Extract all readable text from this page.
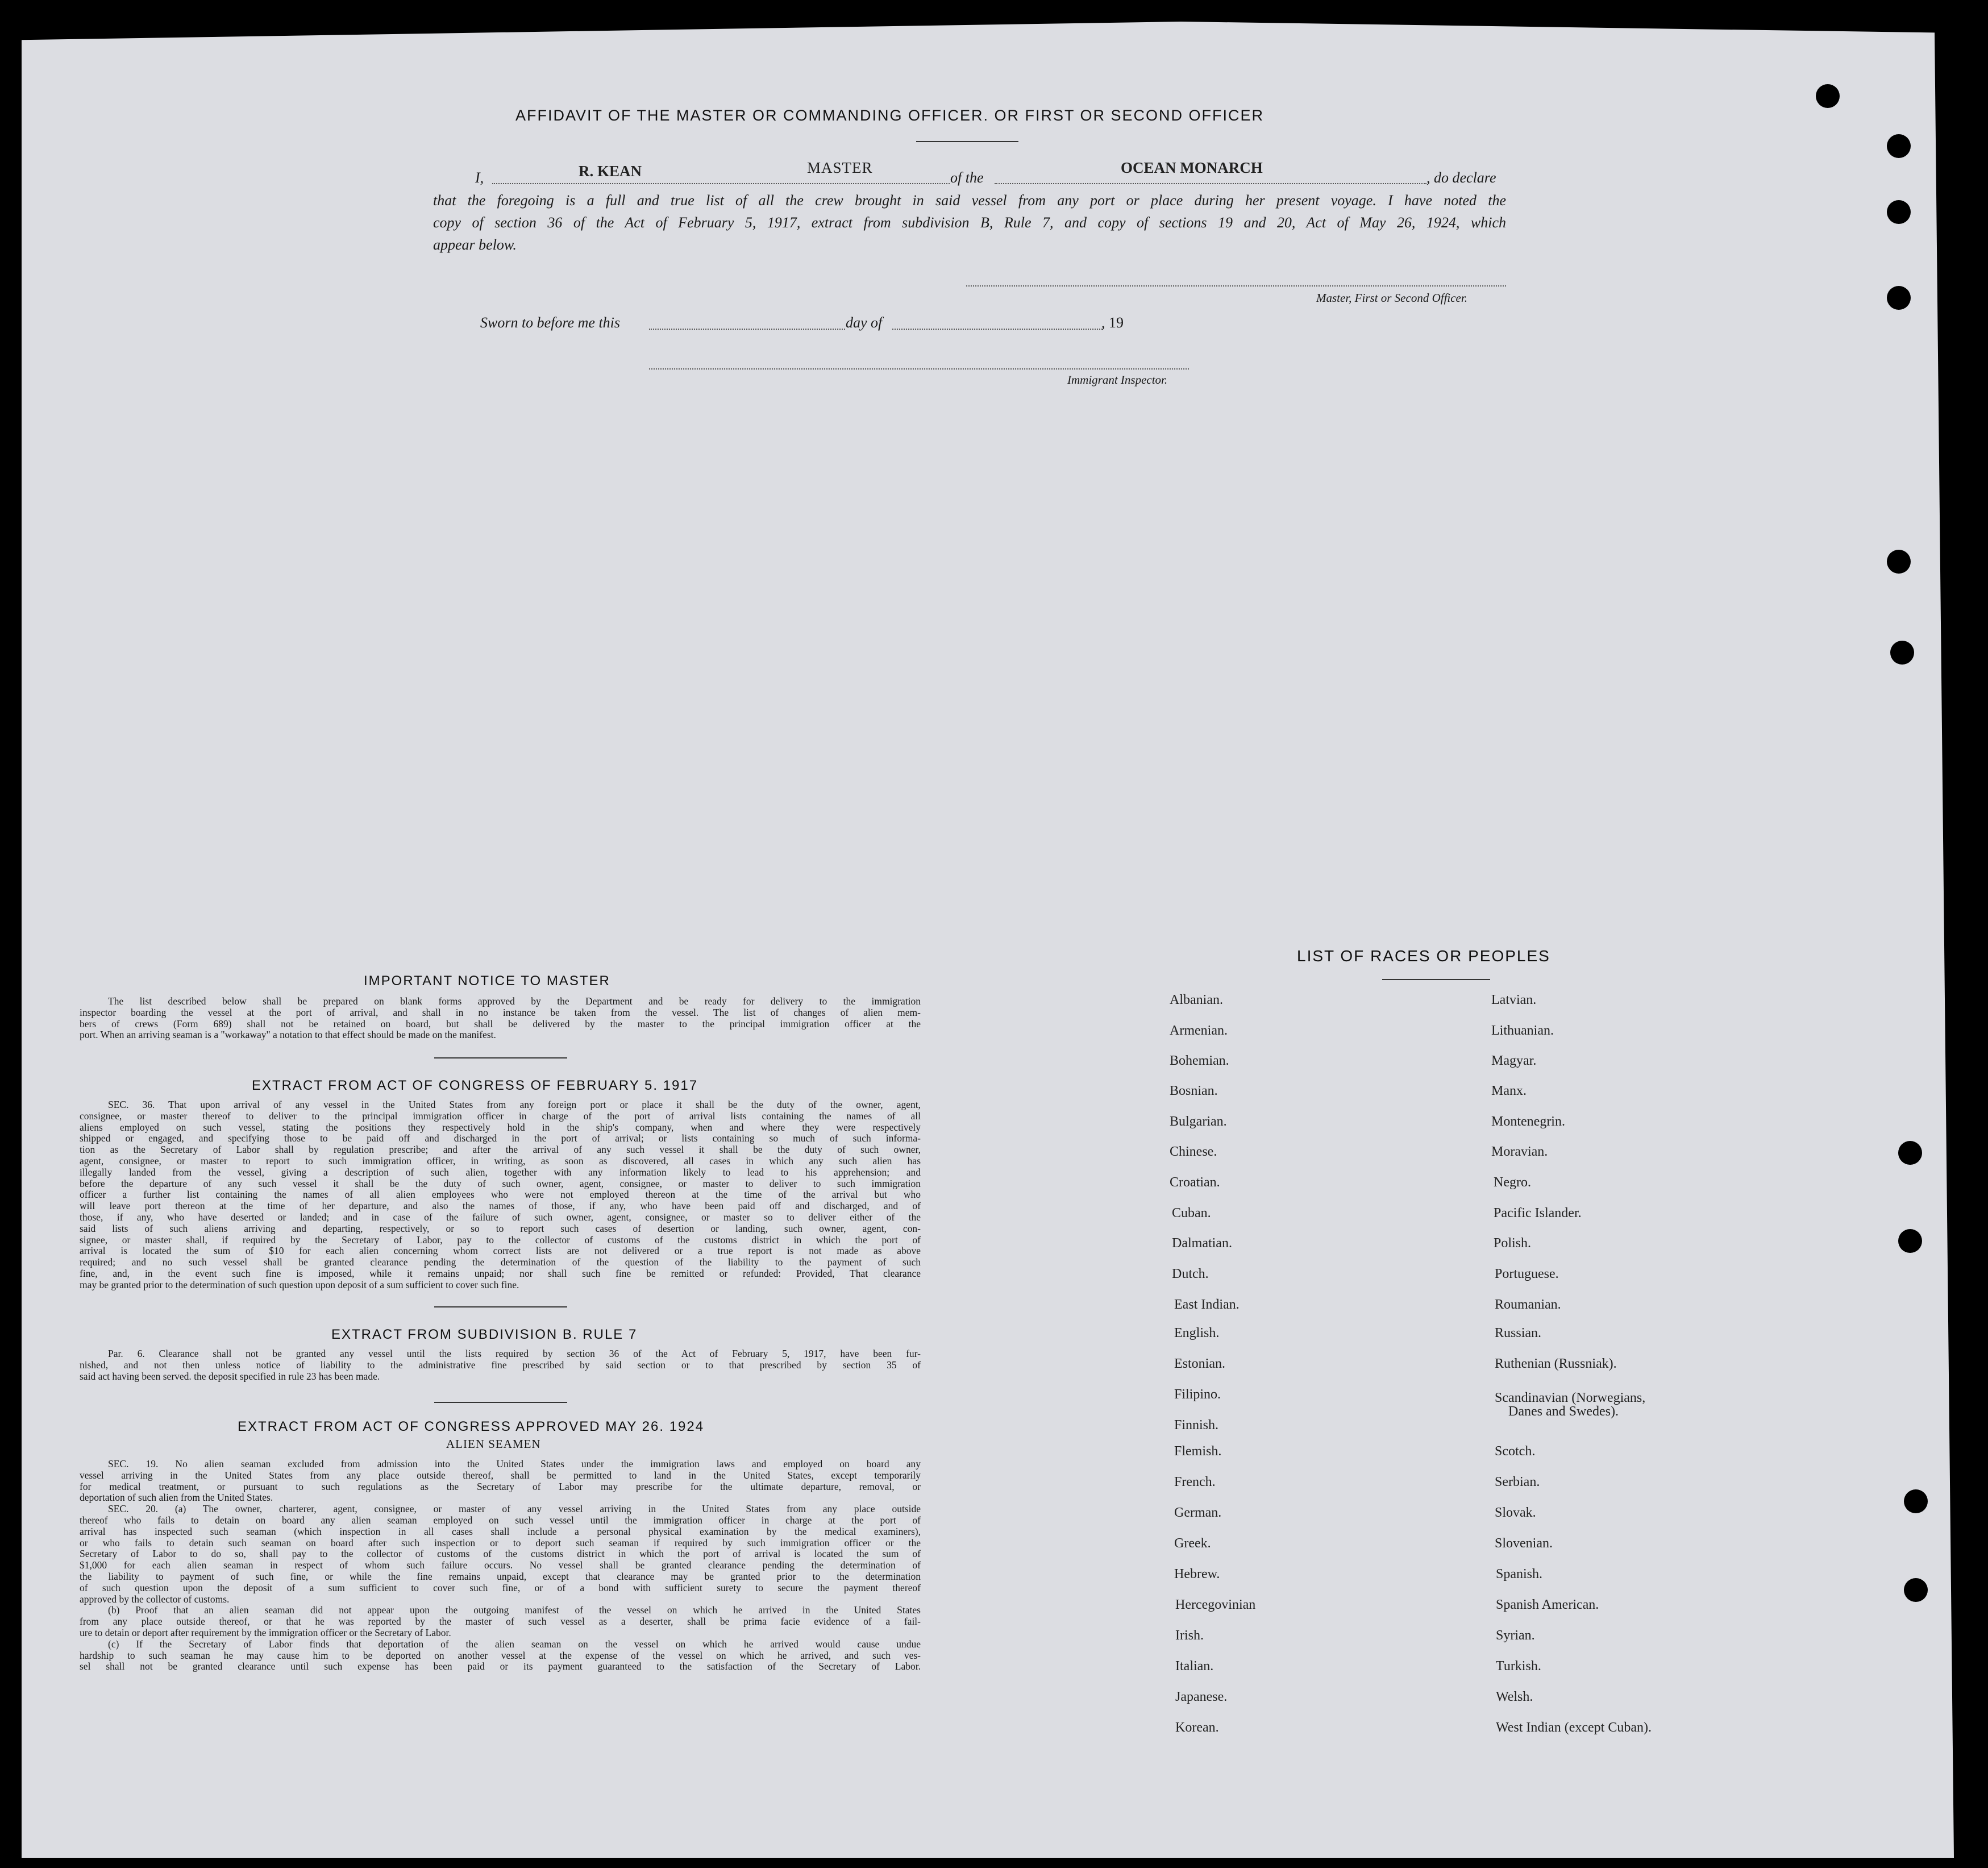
AFFIDAVIT OF THE MASTER OR COMMANDING OFFICER. OR FIRST OR SECOND OFFICER
I,	R. KEAN	MASTER
of the
OCEAN MONARCH
, do declare
that the foregoing is a full and true list of all the crew brought in said vessel from any port or place during her present voyage. I have noted the
copy of section 36 of the Act of February 5, 1917, extract from subdivision B, Rule 7, and copy of sections 19 and 20, Act of May 26, 1924, which
appear below.
Master, First or Second Officer.
Sworn to before me this	day of	, 19
Immigrant Inspector.
IMPORTANT NOTICE TO MASTER

The list described below shall be prepared on blank forms approved by the Department and be ready for delivery to the immigration

inspector boarding the vessel at the port of arrival, and shall in no instance be taken from the vessel. The list of changes of alien mem-

bers of crews (Form 689) shall not be retained on board, but shall be delivered by the master to the principal immigration officer at the

port. When an arriving seaman is a "workaway" a notation to that effect should be made on the manifest.

EXTRACT FROM ACT OF CONGRESS OF FEBRUARY 5. 1917

SEC. 36. That upon arrival of any vessel in the United States from any foreign port or place it shall be the duty of the owner, agent,

consignee, or master thereof to deliver to the principal immigration officer in charge of the port of arrival lists containing the names of all

aliens employed on such vessel, stating the positions they respectively hold in the ship's company, when and where they were respectively

shipped or engaged, and specifying those to be paid off and discharged in the port of arrival; or lists containing so much of such informa-

tion as the Secretary of Labor shall by regulation prescribe; and after the arrival of any such vessel it shall be the duty of such owner,

agent, consignee, or master to report to such immigration officer, in writing, as soon as discovered, all cases in which any such alien has

illegally landed from the vessel, giving a description of such alien, together with any information likely to lead to his apprehension; and

before the departure of any such vessel it shall be the duty of such owner, agent, consignee, or master to deliver to such immigration

officer a further list containing the names of all alien employees who were not employed thereon at the time of the arrival but who

will leave port thereon at the time of her departure, and also the names of those, if any, who have been paid off and discharged, and of

those, if any, who have deserted or landed; and in case of the failure of such owner, agent, consignee, or master so to deliver either of the

said lists of such aliens arriving and departing, respectively, or so to report such cases of desertion or landing, such owner, agent, con-

signee, or master shall, if required by the Secretary of Labor, pay to the collector of customs of the customs district in which the port of

arrival is located the sum of $10 for each alien concerning whom correct lists are not delivered or a true report is not made as above

required; and no such vessel shall be granted clearance pending the determination of the question of the liability to the payment of such

fine, and, in the event such fine is imposed, while it remains unpaid; nor shall such fine be remitted or refunded: Provided, That clearance

may be granted prior to the determination of such question upon deposit of a sum sufficient to cover such fine.

EXTRACT FROM SUBDIVISION B. RULE 7

Par. 6. Clearance shall not be granted any vessel until the lists required by section 36 of the Act of February 5, 1917, have been fur-

nished, and not then unless notice of liability to the administrative fine prescribed by said section or to that prescribed by section 35 of

said act having been served. the deposit specified in rule 23 has been made.

EXTRACT FROM ACT OF CONGRESS APPROVED MAY 26. 1924
ALIEN SEAMEN

SEC. 19. No alien seaman excluded from admission into the United States under the immigration laws and employed on board any

vessel arriving in the United States from any place outside thereof, shall be permitted to land in the United States, except temporarily

for medical treatment, or pursuant to such regulations as the Secretary of Labor may prescribe for the ultimate departure, removal, or

deportation of such alien from the United States.

SEC. 20. (a) The owner, charterer, agent, consignee, or master of any vessel arriving in the United States from any place outside

thereof who fails to detain on board any alien seaman employed on such vessel until the immigration officer in charge at the port of

arrival has inspected such seaman (which inspection in all cases shall include a personal physical examination by the medical examiners),

or who fails to detain such seaman on board after such inspection or to deport such seaman if required by such immigration officer or the

Secretary of Labor to do so, shall pay to the collector of customs of the customs district in which the port of arrival is located the sum of

$1,000 for each alien seaman in respect of whom such failure occurs. No vessel shall be granted clearance pending the determination of

the liability to payment of such fine, or while the fine remains unpaid, except that clearance may be granted prior to the determination

of such question upon the deposit of a sum sufficient to cover such fine, or of a bond with sufficient surety to secure the payment thereof

approved by the collector of customs.

(b) Proof that an alien seaman did not appear upon the outgoing manifest of the vessel on which he arrived in the United States

from any place outside thereof, or that he was reported by the master of such vessel as a deserter, shall be prima facie evidence of a fail-

ure to detain or deport after requirement by the immigration officer or the Secretary of Labor.

(c) If the Secretary of Labor finds that deportation of the alien seaman on the vessel on which he arrived would cause undue

hardship to such seaman he may cause him to be deported on another vessel at the expense of the vessel on which he arrived, and such ves-

sel shall not be granted clearance until such expense has been paid or its payment guaranteed to the satisfaction of the Secretary of Labor.

LIST OF RACES OR PEOPLES
Albanian.
Armenian.
Bohemian.
Bosnian.
Bulgarian.
Chinese.
Croatian.
Cuban.
Dalmatian.
Dutch.
East Indian.
English.
Estonian.
Filipino.
Finnish.
Flemish.
French.
German.
Greek.
Hebrew.
Hercegovinian
Irish.
Italian.
Japanese.
Korean.
Latvian.
Lithuanian.
Magyar.
Manx.
Montenegrin.
Moravian.
Negro.
Pacific Islander.
Polish.
Portuguese.
Roumanian.
Russian.
Ruthenian (Russniak).
Scandinavian (Norwegians,
Danes and Swedes).
Scotch.
Serbian.
Slovak.
Slovenian.
Spanish.
Spanish American.
Syrian.
Turkish.
Welsh.
West Indian (except Cuban).
